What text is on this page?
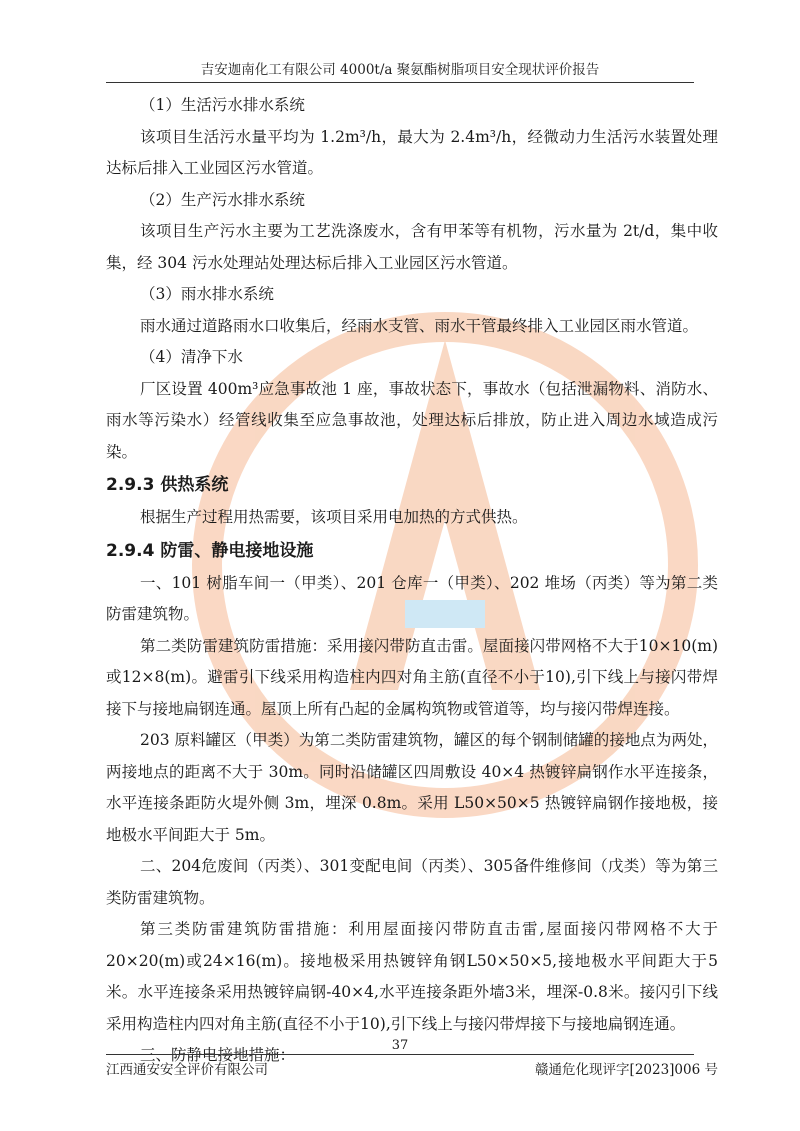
吉安迦南化工有限公司 4000t/a 聚氨酯树脂项目安全现状评价报告

（1）生活污水排水系统

该项目生活污水量平均为 1.2m³/h，最大为 2.4m³/h，经微动力生活污水装置处理达标后排入工业园区污水管道。

（2）生产污水排水系统

该项目生产污水主要为工艺洗涤废水，含有甲苯等有机物，污水量为 2t/d，集中收集，经 304 污水处理站处理达标后排入工业园区污水管道。

（3）雨水排水系统

雨水通过道路雨水口收集后，经雨水支管、雨水干管最终排入工业园区雨水管道。

（4）清净下水

厂区设置 400m³应急事故池 1 座，事故状态下，事故水（包括泄漏物料、消防水、雨水等污染水）经管线收集至应急事故池，处理达标后排放，防止进入周边水域造成污染。

2.9.3 供热系统

根据生产过程用热需要，该项目采用电加热的方式供热。

2.9.4 防雷、静电接地设施

一、101 树脂车间一（甲类）、201 仓库一（甲类）、202 堆场（丙类）等为第二类防雷建筑物。

第二类防雷建筑防雷措施：采用接闪带防直击雷。屋面接闪带网格不大于10×10(m)或12×8(m)。避雷引下线采用构造柱内四对角主筋(直径不小于10),引下线上与接闪带焊接下与接地扁钢连通。屋顶上所有凸起的金属构筑物或管道等，均与接闪带焊连接。

203 原料罐区（甲类）为第二类防雷建筑物，罐区的每个钢制储罐的接地点为两处，两接地点的距离不大于 30m。同时沿储罐区四周敷设 40×4 热镀锌扁钢作水平连接条，水平连接条距防火堤外侧 3m，埋深 0.8m。采用 L50×50×5 热镀锌扁钢作接地极，接地极水平间距大于 5m。

二、204危废间（丙类）、301变配电间（丙类）、305备件维修间（戊类）等为第三类防雷建筑物。

第三类防雷建筑防雷措施：利用屋面接闪带防直击雷,屋面接闪带网格不大于20×20(m)或24×16(m)。接地极采用热镀锌角钢L50×50×5,接地极水平间距大于5米。水平连接条采用热镀锌扁钢-40×4,水平连接条距外墙3米，埋深-0.8米。接闪引下线采用构造柱内四对角主筋(直径不小于10),引下线上与接闪带焊接下与接地扁钢连通。

三、防静电接地措施：

37
江西通安安全评价有限公司	赣通危化现评字[2023]006 号
